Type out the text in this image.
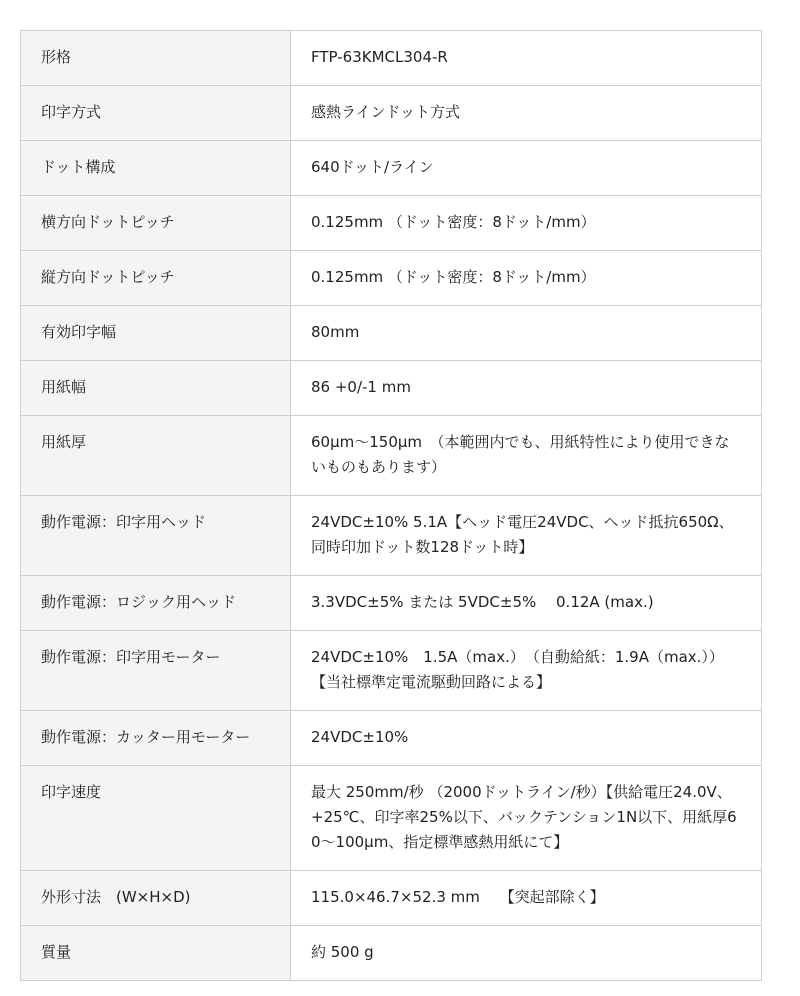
形格	FTP-63KMCL304-R
印字方式	感熱ラインドット方式
ドット構成	640ドット/ライン
横方向ドットピッチ	0.125mm （ドット密度：8ドット/mm）
縦方向ドットピッチ	0.125mm （ドット密度：8ドット/mm）
有効印字幅	80mm
用紙幅	86 +0/-1 mm
用紙厚	60μm〜150μm　（本範囲内でも、用紙特性により使用できないものもあります）
動作電源：印字用ヘッド	24VDC±10% 5.1A【ヘッド電圧24VDC、ヘッド抵抗650Ω、同時印加ドット数128ドット時】
動作電源：ロジック用ヘッド	3.3VDC±5% または 5VDC±5%　 0.12A (max.)
動作電源：印字用モーター	24VDC±10%　1.5A（max.）　（自動給紙：1.9A（max.））【当社標準定電流駆動回路による】
動作電源：カッター用モーター	24VDC±10%
印字速度	最大 250mm/秒 （2000ドットライン/秒）【供給電圧24.0V、+25℃、印字率25%以下、バックテンション1N以下、用紙厚60〜100μm、指定標準感熱用紙にて】
外形寸法　(W×H×D)	115.0×46.7×52.3 mm　 【突起部除く】
質量	約 500 g
